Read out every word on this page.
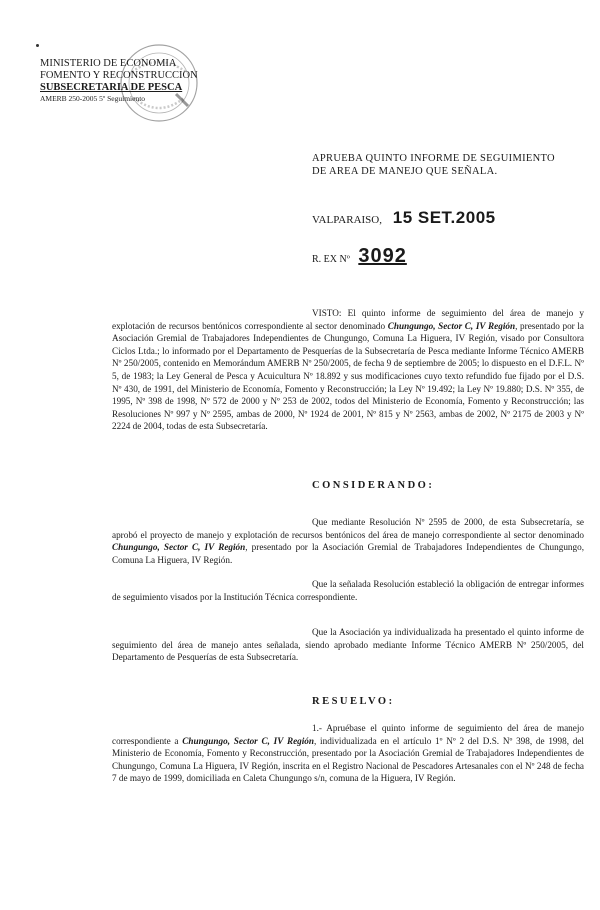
MINISTERIO DE ECONOMIA
FOMENTO Y RECONSTRUCCION
SUBSECRETARIA DE PESCA
AMERB 250-2005 5º Seguimiento
APRUEBA QUINTO INFORME DE SEGUIMIENTO
DE AREA DE MANEJO QUE SEÑALA.
VALPARAISO, 15 SET.2005
R. EX Nº 3092
VISTO: El quinto informe de seguimiento del área de manejo y explotación de recursos bentónicos correspondiente al sector denominado Chungungo, Sector C, IV Región, presentado por la Asociación Gremial de Trabajadores Independientes de Chungungo, Comuna La Higuera, IV Región, visado por Consultora Ciclos Ltda.; lo informado por el Departamento de Pesquerías de la Subsecretaría de Pesca mediante Informe Técnico AMERB Nº 250/2005, contenido en Memorándum AMERB Nº 250/2005, de fecha 9 de septiembre de 2005; lo dispuesto en el D.F.L. Nº 5, de 1983; la Ley General de Pesca y Acuicultura Nº 18.892 y sus modificaciones cuyo texto refundido fue fijado por el D.S. Nº 430, de 1991, del Ministerio de Economía, Fomento y Reconstrucción; la Ley Nº 19.492; la Ley Nº 19.880; D.S. Nº 355, de 1995, Nº 398 de 1998, Nº 572 de 2000 y Nº 253 de 2002, todos del Ministerio de Economía, Fomento y Reconstrucción; las Resoluciones Nº 997 y Nº 2595, ambas de 2000, Nº 1924 de 2001, Nº 815 y Nº 2563, ambas de 2002, Nº 2175 de 2003 y Nº 2224 de 2004, todas de esta Subsecretaría.
CONSIDERANDO:
Que mediante Resolución Nº 2595 de 2000, de esta Subsecretaría, se aprobó el proyecto de manejo y explotación de recursos bentónicos del área de manejo correspondiente al sector denominado Chungungo, Sector C, IV Región, presentado por la Asociación Gremial de Trabajadores Independientes de Chungungo, Comuna La Higuera, IV Región.
Que la señalada Resolución estableció la obligación de entregar informes de seguimiento visados por la Institución Técnica correspondiente.
Que la Asociación ya individualizada ha presentado el quinto informe de seguimiento del área de manejo antes señalada, siendo aprobado mediante Informe Técnico AMERB Nº 250/2005, del Departamento de Pesquerías de esta Subsecretaría.
RESUELVO:
1.- Apruébase el quinto informe de seguimiento del área de manejo correspondiente a Chungungo, Sector C, IV Región, individualizada en el artículo 1º Nº 2 del D.S. Nº 398, de 1998, del Ministerio de Economía, Fomento y Reconstrucción, presentado por la Asociación Gremial de Trabajadores Independientes de Chungungo, Comuna La Higuera, IV Región, inscrita en el Registro Nacional de Pescadores Artesanales con el Nº 248 de fecha 7 de mayo de 1999, domiciliada en Caleta Chungungo s/n, comuna de la Higuera, IV Región.
